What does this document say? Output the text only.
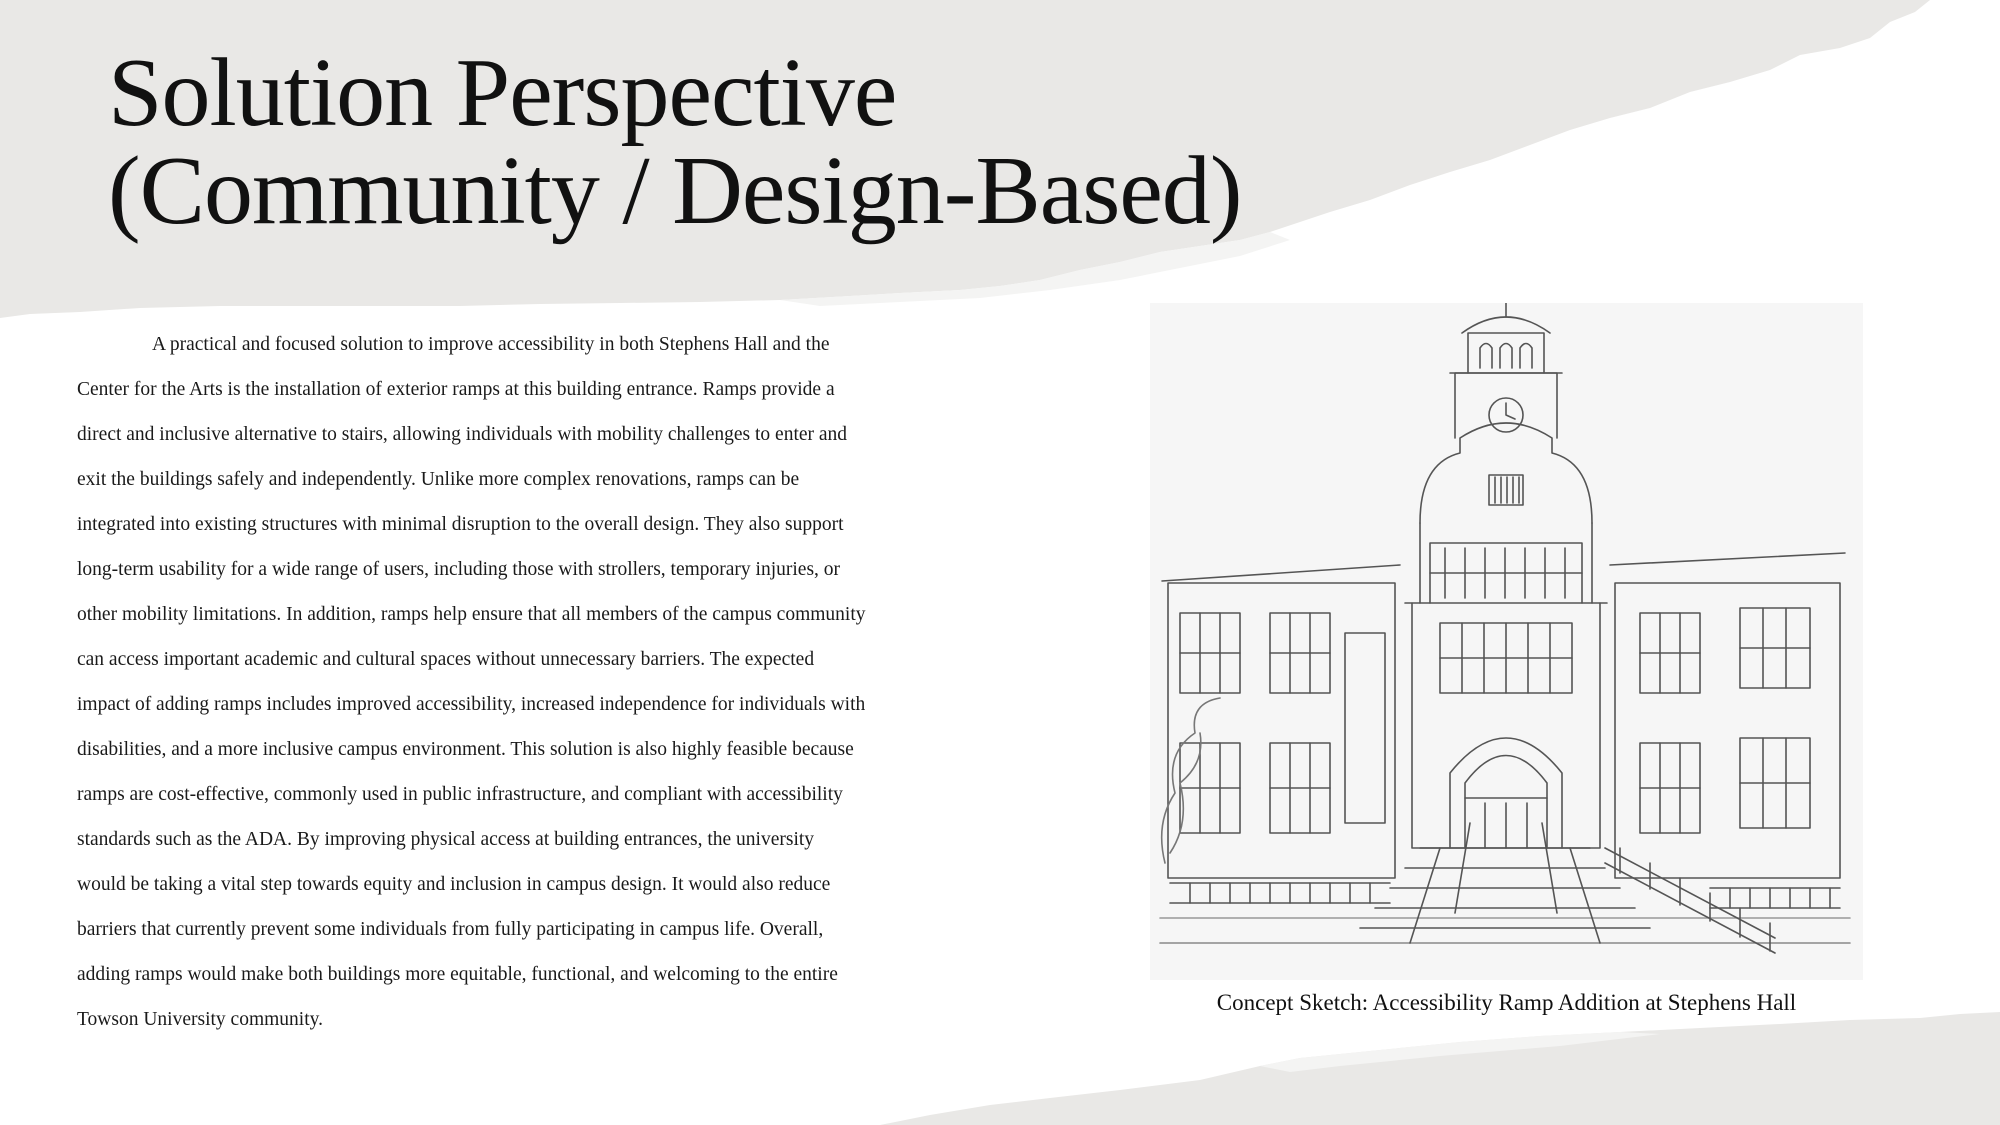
Solution Perspective
(Community / Design-Based)

A practical and focused solution to improve accessibility in both Stephens Hall and the Center for the Arts is the installation of exterior ramps at this building entrance. Ramps provide a direct and inclusive alternative to stairs, allowing individuals with mobility challenges to enter and exit the buildings safely and independently. Unlike more complex renovations, ramps can be integrated into existing structures with minimal disruption to the overall design. They also support long-term usability for a wide range of users, including those with strollers, temporary injuries, or other mobility limitations. In addition, ramps help ensure that all members of the campus community can access important academic and cultural spaces without unnecessary barriers. The expected impact of adding ramps includes improved accessibility, increased independence for individuals with disabilities, and a more inclusive campus environment. This solution is also highly feasible because ramps are cost-effective, commonly used in public infrastructure, and compliant with accessibility standards such as the ADA. By improving physical access at building entrances, the university would be taking a vital step towards equity and inclusion in campus design. It would also reduce barriers that currently prevent some individuals from fully participating in campus life. Overall, adding ramps would make both buildings more equitable, functional, and welcoming to the entire Towson University community.

Concept Sketch: Accessibility Ramp Addition at Stephens Hall
